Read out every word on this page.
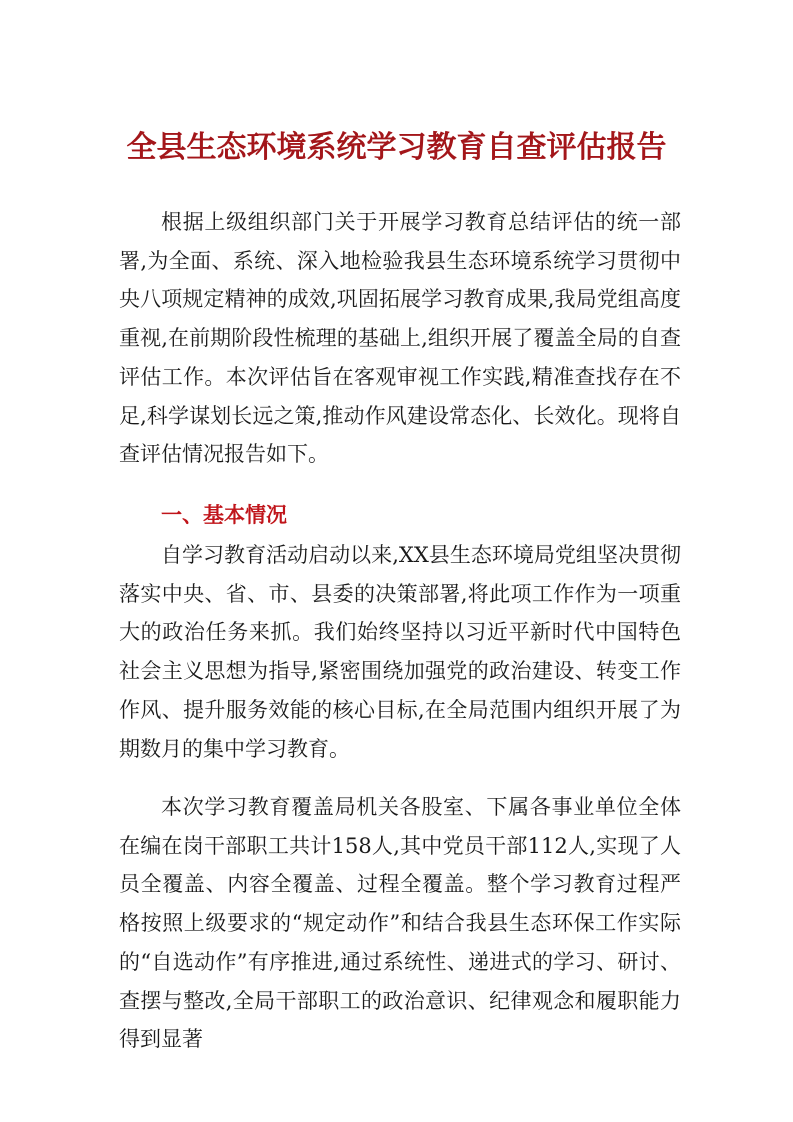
全县生态环境系统学习教育自查评估报告

根据上级组织部门关于开展学习教育总结评估的统一部署,为全面、系统、深入地检验我县生态环境系统学习贯彻中央八项规定精神的成效,巩固拓展学习教育成果,我局党组高度重视,在前期阶段性梳理的基础上,组织开展了覆盖全局的自查评估工作。本次评估旨在客观审视工作实践,精准查找存在不足,科学谋划长远之策,推动作风建设常态化、长效化。现将自查评估情况报告如下。

一、基本情况

自学习教育活动启动以来,XX县生态环境局党组坚决贯彻落实中央、省、市、县委的决策部署,将此项工作作为一项重大的政治任务来抓。我们始终坚持以习近平新时代中国特色社会主义思想为指导,紧密围绕加强党的政治建设、转变工作作风、提升服务效能的核心目标,在全局范围内组织开展了为期数月的集中学习教育。

本次学习教育覆盖局机关各股室、下属各事业单位全体在编在岗干部职工共计158人,其中党员干部112人,实现了人员全覆盖、内容全覆盖、过程全覆盖。整个学习教育过程严格按照上级要求的“规定动作”和结合我县生态环保工作实际的“自选动作”有序推进,通过系统性、递进式的学习、研讨、查摆与整改,全局干部职工的政治意识、纪律观念和履职能力得到显著
